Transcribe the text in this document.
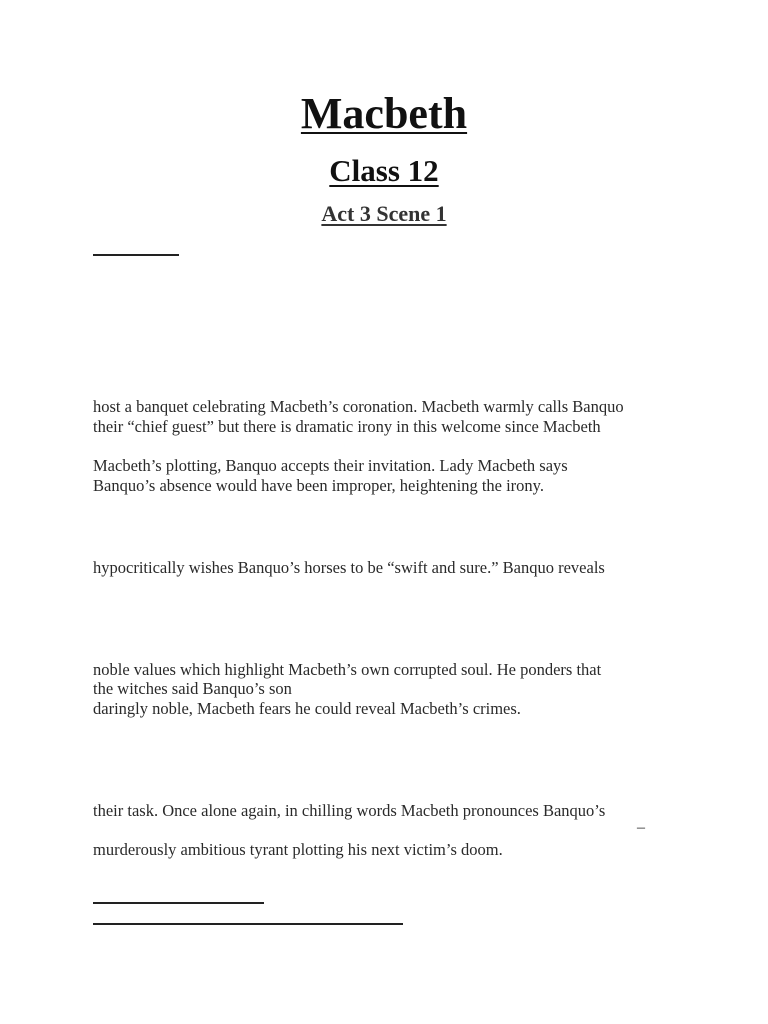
Macbeth
Class 12
Act 3 Scene 1
host a banquet celebrating Macbeth’s coronation. Macbeth warmly calls Banquo
their “chief guest” but there is dramatic irony in this welcome since Macbeth
Macbeth’s plotting, Banquo accepts their invitation. Lady Macbeth says
Banquo’s absence would have been improper, heightening the irony.
hypocritically wishes Banquo’s horses to be “swift and sure.” Banquo reveals
noble values which highlight Macbeth’s own corrupted soul. He ponders that
the witches said Banquo’s son
daringly noble, Macbeth fears he could reveal Macbeth’s crimes.
their task. Once alone again, in chilling words Macbeth pronounces Banquo’s
–
murderously ambitious tyrant plotting his next victim’s doom.
